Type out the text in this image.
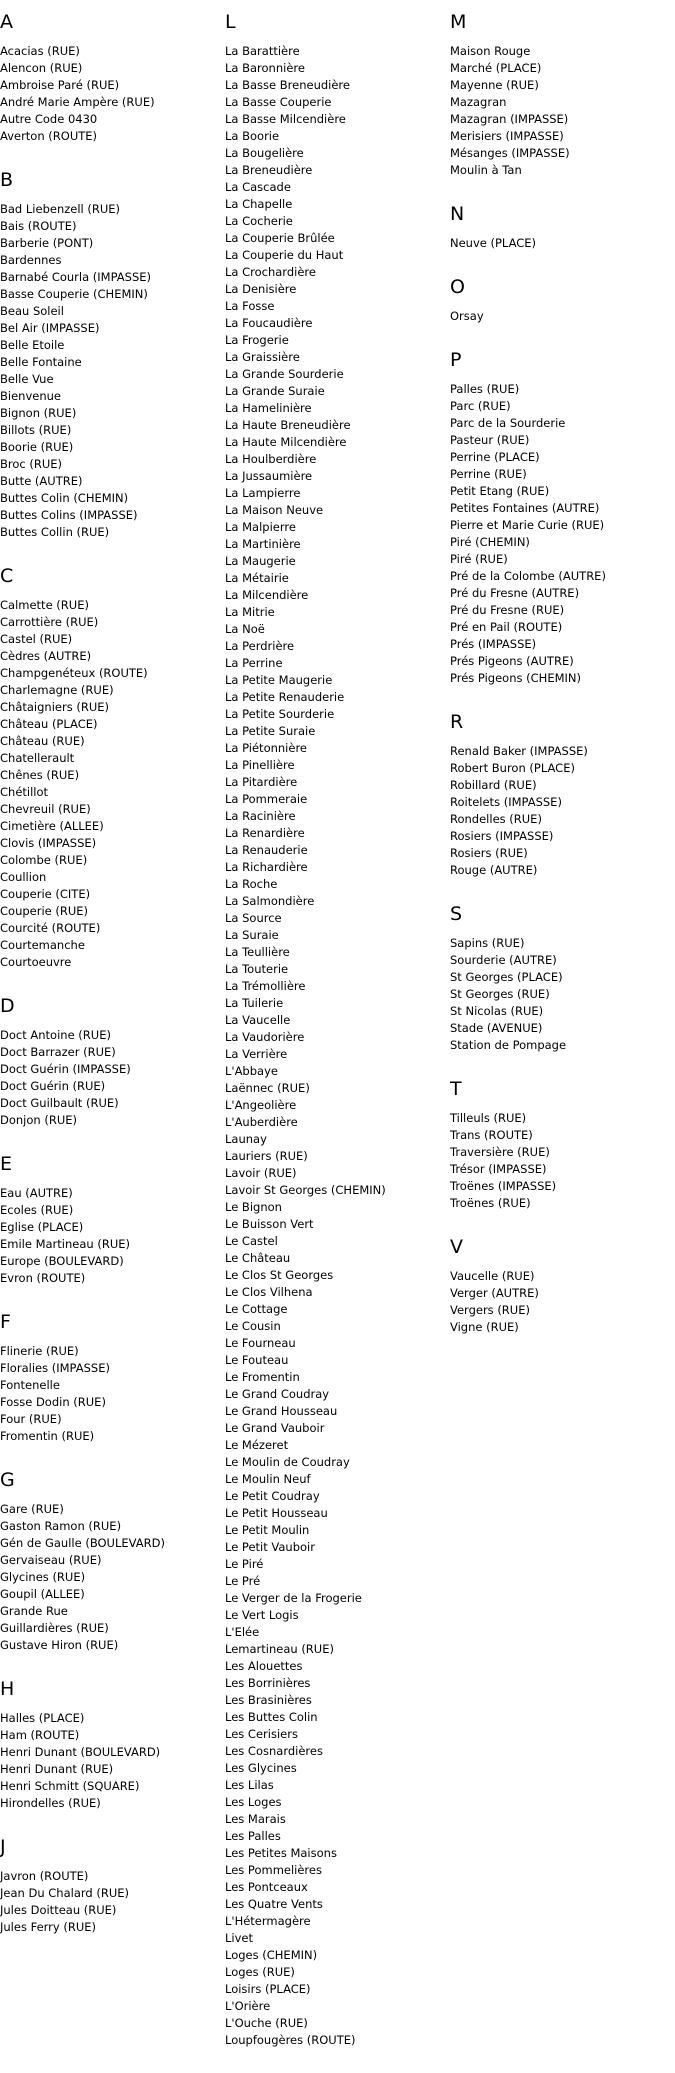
A
Acacias (RUE)
Alencon (RUE)
Ambroise Paré (RUE)
André Marie Ampère (RUE)
Autre Code 0430
Averton (ROUTE)
B
Bad Liebenzell (RUE)
Bais (ROUTE)
Barberie (PONT)
Bardennes
Barnabé Courla (IMPASSE)
Basse Couperie (CHEMIN)
Beau Soleil
Bel Air (IMPASSE)
Belle Etoile
Belle Fontaine
Belle Vue
Bienvenue
Bignon (RUE)
Billots (RUE)
Boorie (RUE)
Broc (RUE)
Butte (AUTRE)
Buttes Colin (CHEMIN)
Buttes Colins (IMPASSE)
Buttes Collin (RUE)
C
Calmette (RUE)
Carrottière (RUE)
Castel (RUE)
Cèdres (AUTRE)
Champgenéteux (ROUTE)
Charlemagne (RUE)
Châtaigniers (RUE)
Château (PLACE)
Château (RUE)
Chatellerault
Chênes (RUE)
Chétillot
Chevreuil (RUE)
Cimetière (ALLEE)
Clovis (IMPASSE)
Colombe (RUE)
Coullion
Couperie (CITE)
Couperie (RUE)
Courcité (ROUTE)
Courtemanche
Courtoeuvre
D
Doct Antoine (RUE)
Doct Barrazer (RUE)
Doct Guérin (IMPASSE)
Doct Guérin (RUE)
Doct Guilbault (RUE)
Donjon (RUE)
E
Eau (AUTRE)
Ecoles (RUE)
Eglise (PLACE)
Emile Martineau (RUE)
Europe (BOULEVARD)
Evron (ROUTE)
F
Flinerie (RUE)
Floralies (IMPASSE)
Fontenelle
Fosse Dodin (RUE)
Four (RUE)
Fromentin (RUE)
G
Gare (RUE)
Gaston Ramon (RUE)
Gén de Gaulle (BOULEVARD)
Gervaiseau (RUE)
Glycines (RUE)
Goupil (ALLEE)
Grande Rue
Guillardières (RUE)
Gustave Hiron (RUE)
H
Halles (PLACE)
Ham (ROUTE)
Henri Dunant (BOULEVARD)
Henri Dunant (RUE)
Henri Schmitt (SQUARE)
Hirondelles (RUE)
J
Javron (ROUTE)
Jean Du Chalard (RUE)
Jules Doitteau (RUE)
Jules Ferry (RUE)
L
La Barattière
La Baronnière
La Basse Breneudière
La Basse Couperie
La Basse Milcendière
La Boorie
La Bougelière
La Breneudière
La Cascade
La Chapelle
La Cocherie
La Couperie Brûlée
La Couperie du Haut
La Crochardière
La Denisière
La Fosse
La Foucaudière
La Frogerie
La Graissière
La Grande Sourderie
La Grande Suraie
La Hamelinière
La Haute Breneudière
La Haute Milcendière
La Houlberdière
La Jussaumière
La Lampierre
La Maison Neuve
La Malpierre
La Martinière
La Maugerie
La Métairie
La Milcendière
La Mitrie
La Noë
La Perdrière
La Perrine
La Petite Maugerie
La Petite Renauderie
La Petite Sourderie
La Petite Suraie
La Piétonnière
La Pinellière
La Pitardière
La Pommeraie
La Racinière
La Renardière
La Renauderie
La Richardière
La Roche
La Salmondière
La Source
La Suraie
La Teullière
La Touterie
La Trémollière
La Tuilerie
La Vaucelle
La Vaudorière
La Verrière
L'Abbaye
Laënnec (RUE)
L'Angeolière
L'Auberdière
Launay
Lauriers (RUE)
Lavoir (RUE)
Lavoir St Georges (CHEMIN)
Le Bignon
Le Buisson Vert
Le Castel
Le Château
Le Clos St Georges
Le Clos Vilhena
Le Cottage
Le Cousin
Le Fourneau
Le Fouteau
Le Fromentin
Le Grand Coudray
Le Grand Housseau
Le Grand Vauboir
Le Mézeret
Le Moulin de Coudray
Le Moulin Neuf
Le Petit Coudray
Le Petit Housseau
Le Petit Moulin
Le Petit Vauboir
Le Piré
Le Pré
Le Verger de la Frogerie
Le Vert Logis
L'Elée
Lemartineau (RUE)
Les Alouettes
Les Borrinières
Les Brasinières
Les Buttes Colin
Les Cerisiers
Les Cosnardières
Les Glycines
Les Lilas
Les Loges
Les Marais
Les Palles
Les Petites Maisons
Les Pommelières
Les Pontceaux
Les Quatre Vents
L'Hétermagère
Livet
Loges (CHEMIN)
Loges (RUE)
Loisirs (PLACE)
L'Orière
L'Ouche (RUE)
Loupfougères (ROUTE)
M
Maison Rouge
Marché (PLACE)
Mayenne (RUE)
Mazagran
Mazagran (IMPASSE)
Merisiers (IMPASSE)
Mésanges (IMPASSE)
Moulin à Tan
N
Neuve (PLACE)
O
Orsay
P
Palles (RUE)
Parc (RUE)
Parc de la Sourderie
Pasteur (RUE)
Perrine (PLACE)
Perrine (RUE)
Petit Etang (RUE)
Petites Fontaines (AUTRE)
Pierre et Marie Curie (RUE)
Piré (CHEMIN)
Piré (RUE)
Pré de la Colombe (AUTRE)
Pré du Fresne (AUTRE)
Pré du Fresne (RUE)
Pré en Pail (ROUTE)
Prés (IMPASSE)
Prés Pigeons (AUTRE)
Prés Pigeons (CHEMIN)
R
Renald Baker (IMPASSE)
Robert Buron (PLACE)
Robillard (RUE)
Roitelets (IMPASSE)
Rondelles (RUE)
Rosiers (IMPASSE)
Rosiers (RUE)
Rouge (AUTRE)
S
Sapins (RUE)
Sourderie (AUTRE)
St Georges (PLACE)
St Georges (RUE)
St Nicolas (RUE)
Stade (AVENUE)
Station de Pompage
T
Tilleuls (RUE)
Trans (ROUTE)
Traversière (RUE)
Trésor (IMPASSE)
Troënes (IMPASSE)
Troënes (RUE)
V
Vaucelle (RUE)
Verger (AUTRE)
Vergers (RUE)
Vigne (RUE)
